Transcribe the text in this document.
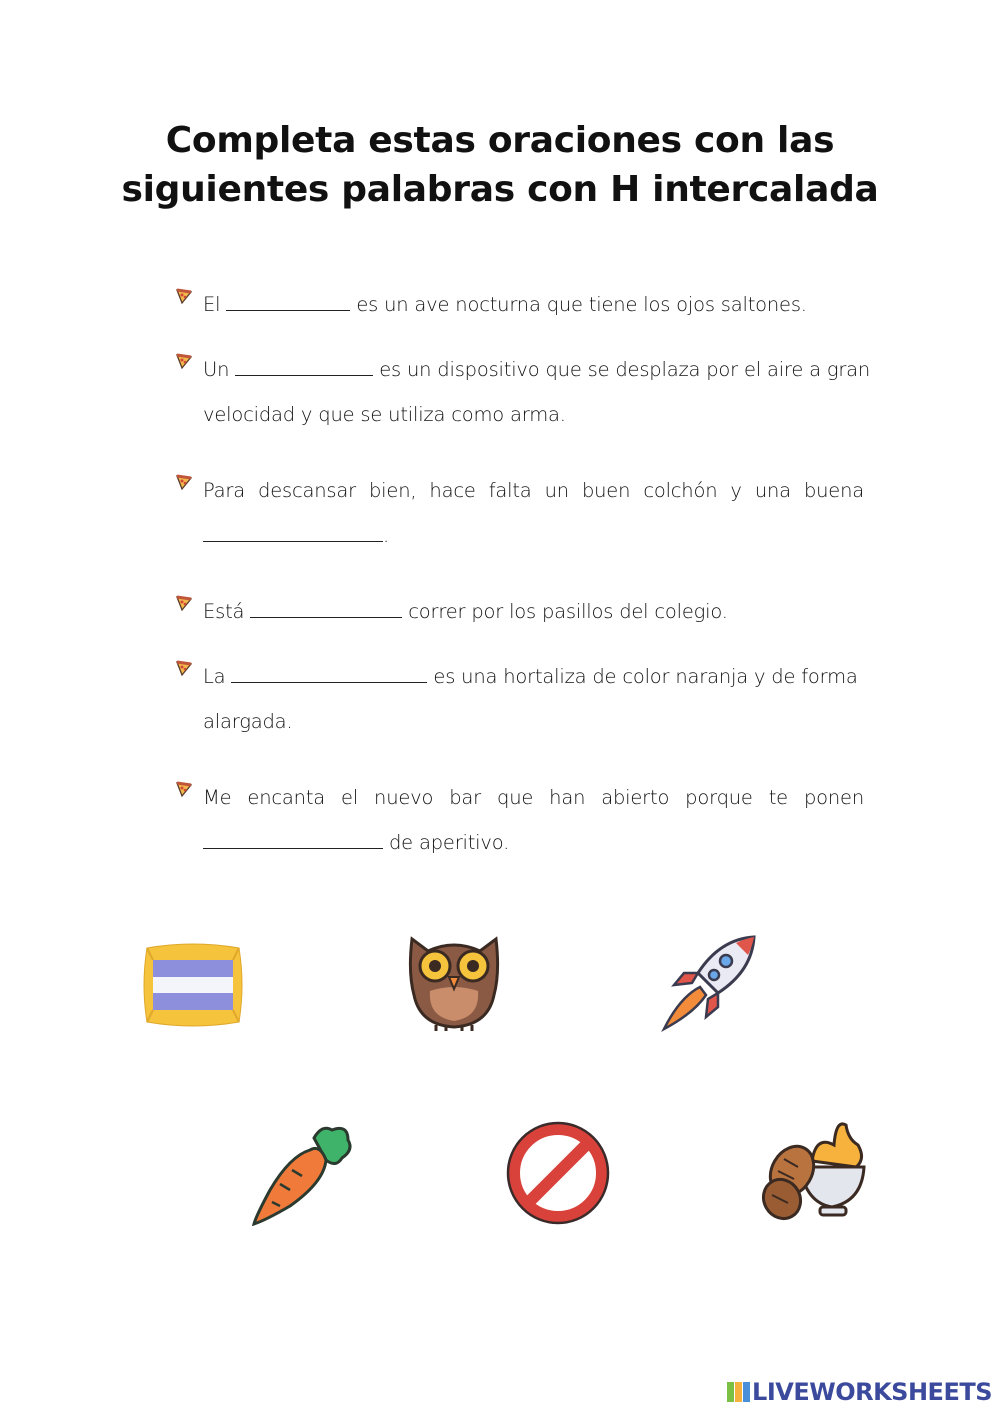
Completa estas oraciones con las
siguientes palabras con H intercalada
El	es un ave nocturna que tiene los ojos saltones.
Un	es un dispositivo que se desplaza por el aire a gran
velocidad y que se utiliza como arma.
Para descansar bien, hace falta un buen colchón y una buena
.
Está	correr por los pasillos del colegio.
La	es una hortaliza de color naranja y de forma
alargada.
Me encanta el nuevo bar que han abierto porque te ponen
de aperitivo.
LIVEWORKSHEETS
